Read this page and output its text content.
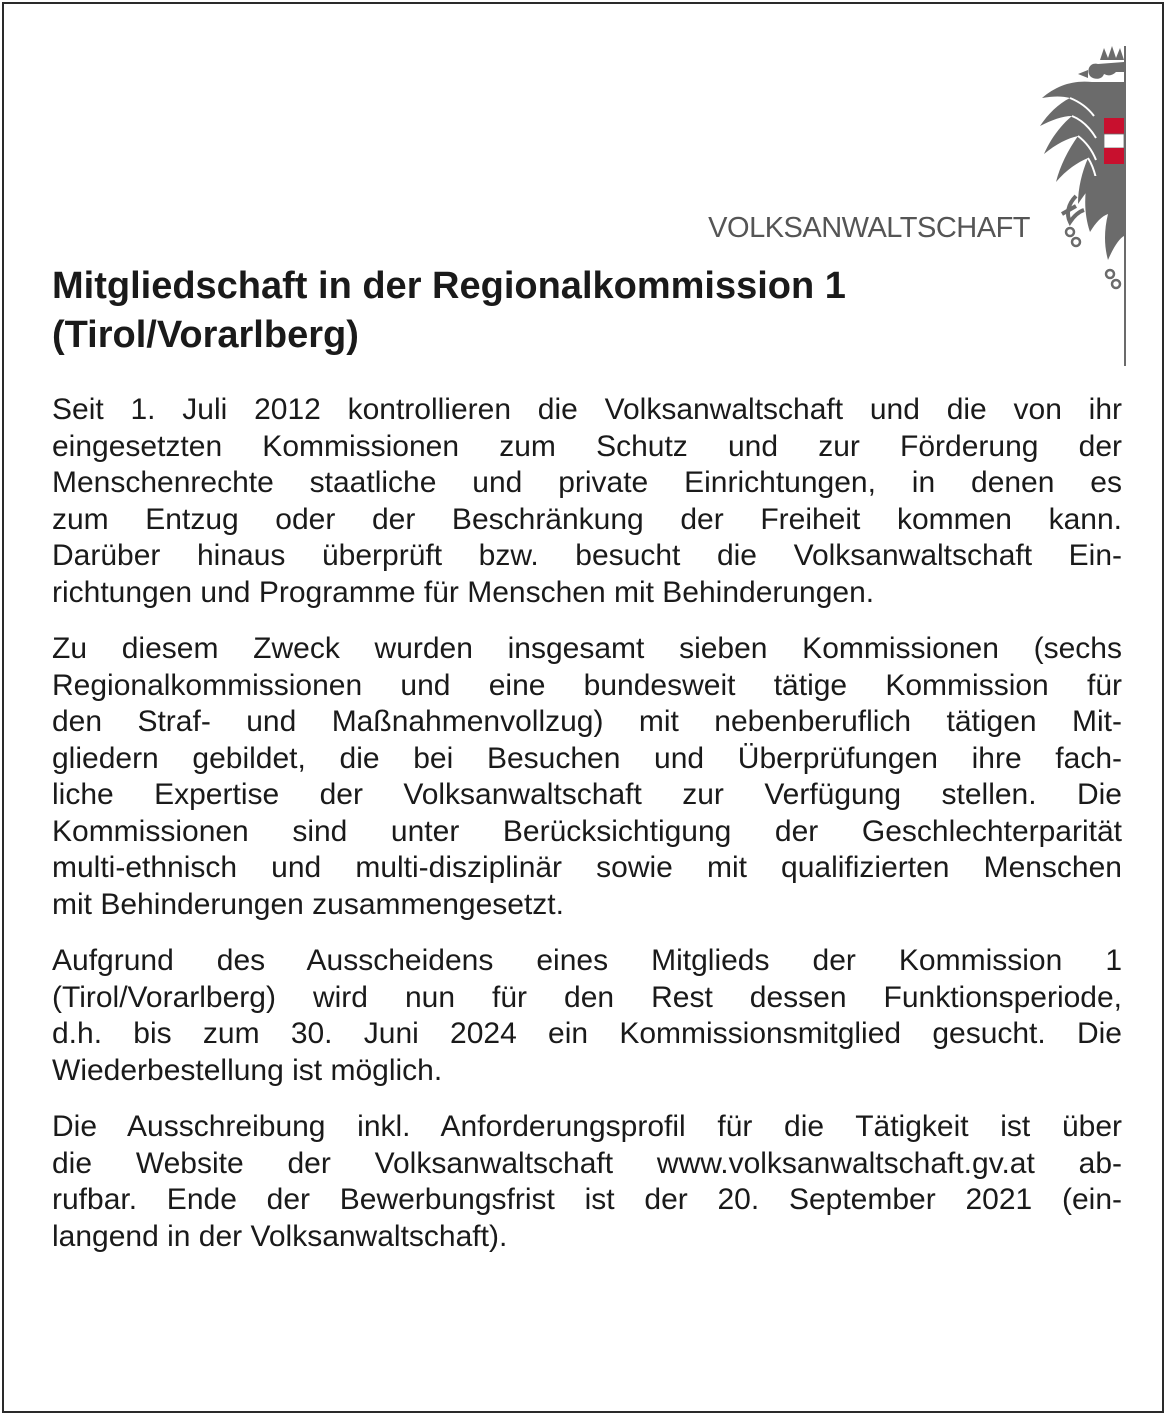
VOLKSANWALTSCHAFT
Mitgliedschaft in der Regionalkommission 1
(Tirol/Vorarlberg)
Seit 1. Juli 2012 kontrollieren die Volksanwaltschaft und die von ihr
eingesetzten Kommissionen zum Schutz und zur Förderung der
Menschenrechte staatliche und private Einrichtungen, in denen es
zum Entzug oder der Beschränkung der Freiheit kommen kann.
Darüber hinaus überprüft bzw. besucht die Volksanwaltschaft Ein-
richtungen und Programme für Menschen mit Behinderungen.
Zu diesem Zweck wurden insgesamt sieben Kommissionen (sechs
Regionalkommissionen und eine bundesweit tätige Kommission für
den Straf- und Maßnahmenvollzug) mit nebenberuflich tätigen Mit-
gliedern gebildet, die bei Besuchen und Überprüfungen ihre fach-
liche Expertise der Volksanwaltschaft zur Verfügung stellen. Die
Kommissionen sind unter Berücksichtigung der Geschlechterparität
multi-ethnisch und multi-disziplinär sowie mit qualifizierten Menschen
mit Behinderungen zusammengesetzt.
Aufgrund des Ausscheidens eines Mitglieds der Kommission 1
(Tirol/Vorarlberg) wird nun für den Rest dessen Funktionsperiode,
d.h. bis zum 30. Juni 2024 ein Kommissionsmitglied gesucht. Die
Wiederbestellung ist möglich.
Die Ausschreibung inkl. Anforderungsprofil für die Tätigkeit ist über
die Website der Volksanwaltschaft www.volksanwaltschaft.gv.at ab-
rufbar. Ende der Bewerbungsfrist ist der 20. September 2021 (ein-
langend in der Volksanwaltschaft).
